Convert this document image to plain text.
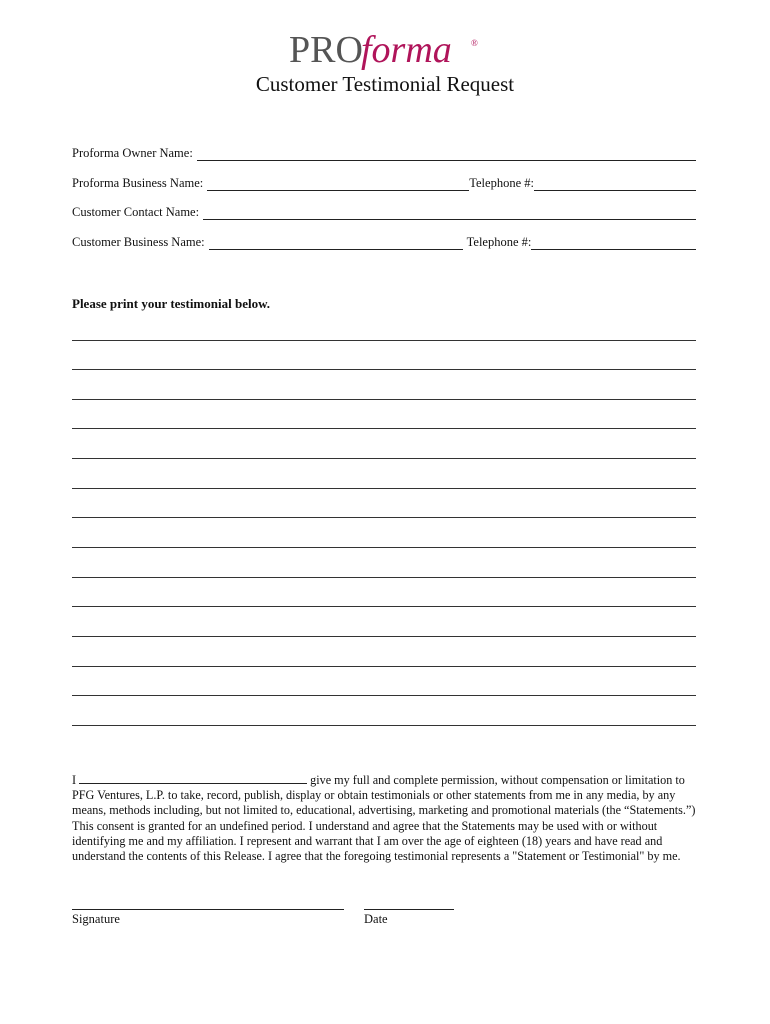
PRO
forma ®
Customer Testimonial Request
Proforma Owner Name:
Proforma Business Name:	Telephone #:
Customer Contact Name:
Customer Business Name:	Telephone #:
Please print your testimonial below.
I	give my full and complete permission, without compensation or limitation to PFG Ventures, L.P. to take, record, publish, display or obtain testimonials or other statements from me in any media, by any means, methods including, but not limited to, educational, advertising, marketing and promotional materials (the “Statements.”) This consent is granted for an undefined period. I understand and agree that the Statements may be used with or without identifying me and my affiliation. I represent and warrant that I am over the age of eighteen (18) years and have read and understand the contents of this Release. I agree that the foregoing testimonial represents a "Statement or Testimonial" by me.
Signature	Date
